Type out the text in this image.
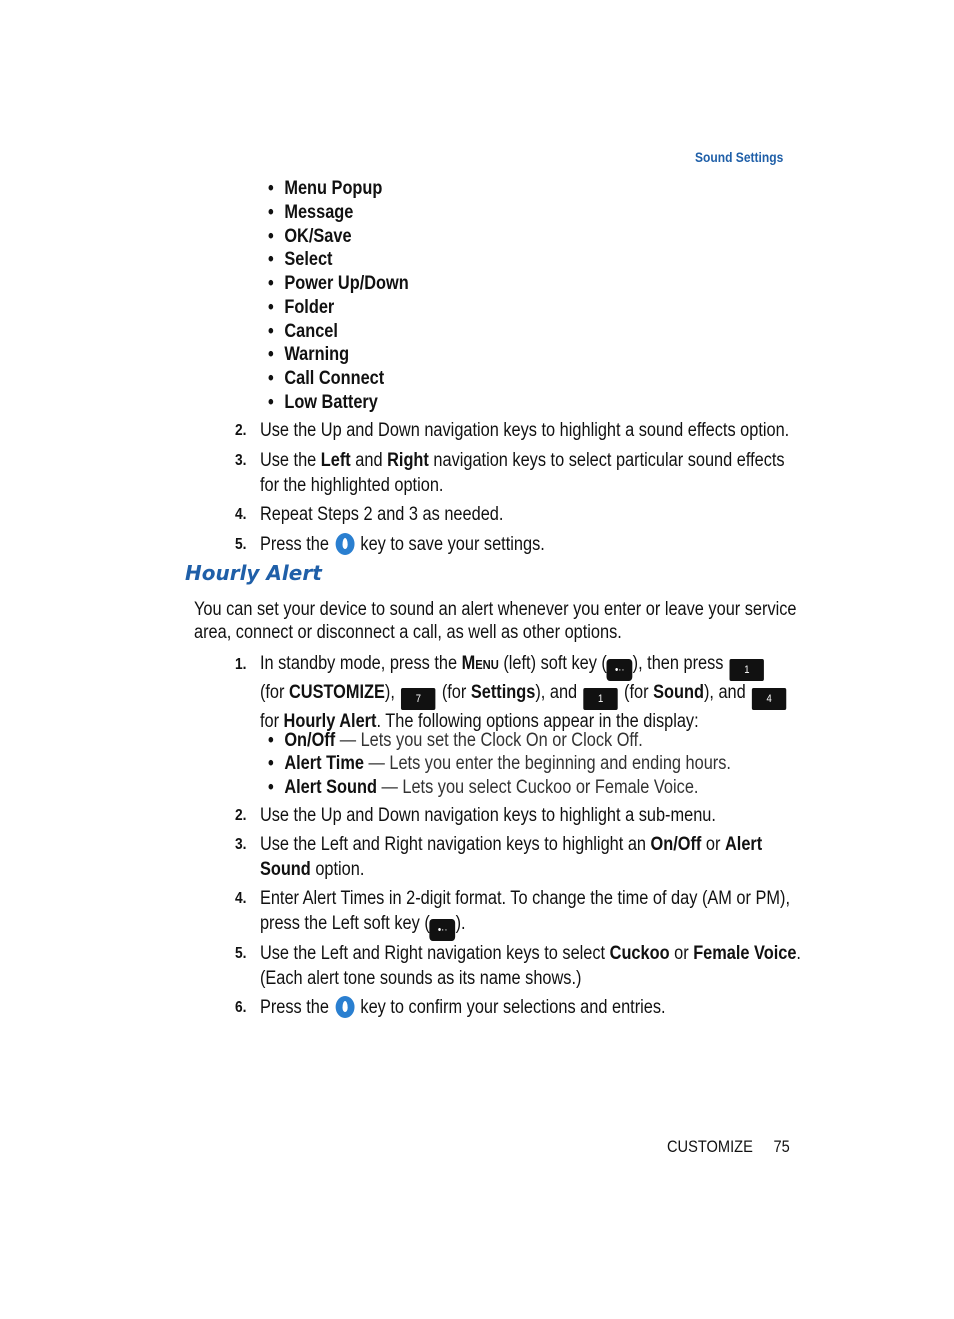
Sound Settings
• Menu Popup
• Message
• OK/Save
• Select
• Power Up/Down
• Folder
• Cancel
• Warning
• Call Connect
• Low Battery
2. Use the Up and Down navigation keys to highlight a sound effects option.
3. Use the Left and Right navigation keys to select particular sound effects
for the highlighted option.
4. Repeat Steps 2 and 3 as needed.
5. Press the key to save your settings.
Hourly Alert
You can set your device to sound an alert whenever you enter or leave your service
area, connect or disconnect a call, as well as other options.
1. In standby mode, press the Menu (left) soft key ( •·· ), then press 1
(for CUSTOMIZE), 7 (for Settings), and 1 (for Sound), and 4
for Hourly Alert. The following options appear in the display:
• On/Off — Lets you set the Clock On or Clock Off.
• Alert Time — Lets you enter the beginning and ending hours.
• Alert Sound — Lets you select Cuckoo or Female Voice.
2. Use the Up and Down navigation keys to highlight a sub-menu.
3. Use the Left and Right navigation keys to highlight an On/Off or Alert
Sound option.
4. Enter Alert Times in 2-digit format. To change the time of day (AM or PM),
press the Left soft key ( •·· ).
5. Use the Left and Right navigation keys to select Cuckoo or Female Voice.
(Each alert tone sounds as its name shows.)
6. Press the key to confirm your selections and entries.
CUSTOMIZE 75
